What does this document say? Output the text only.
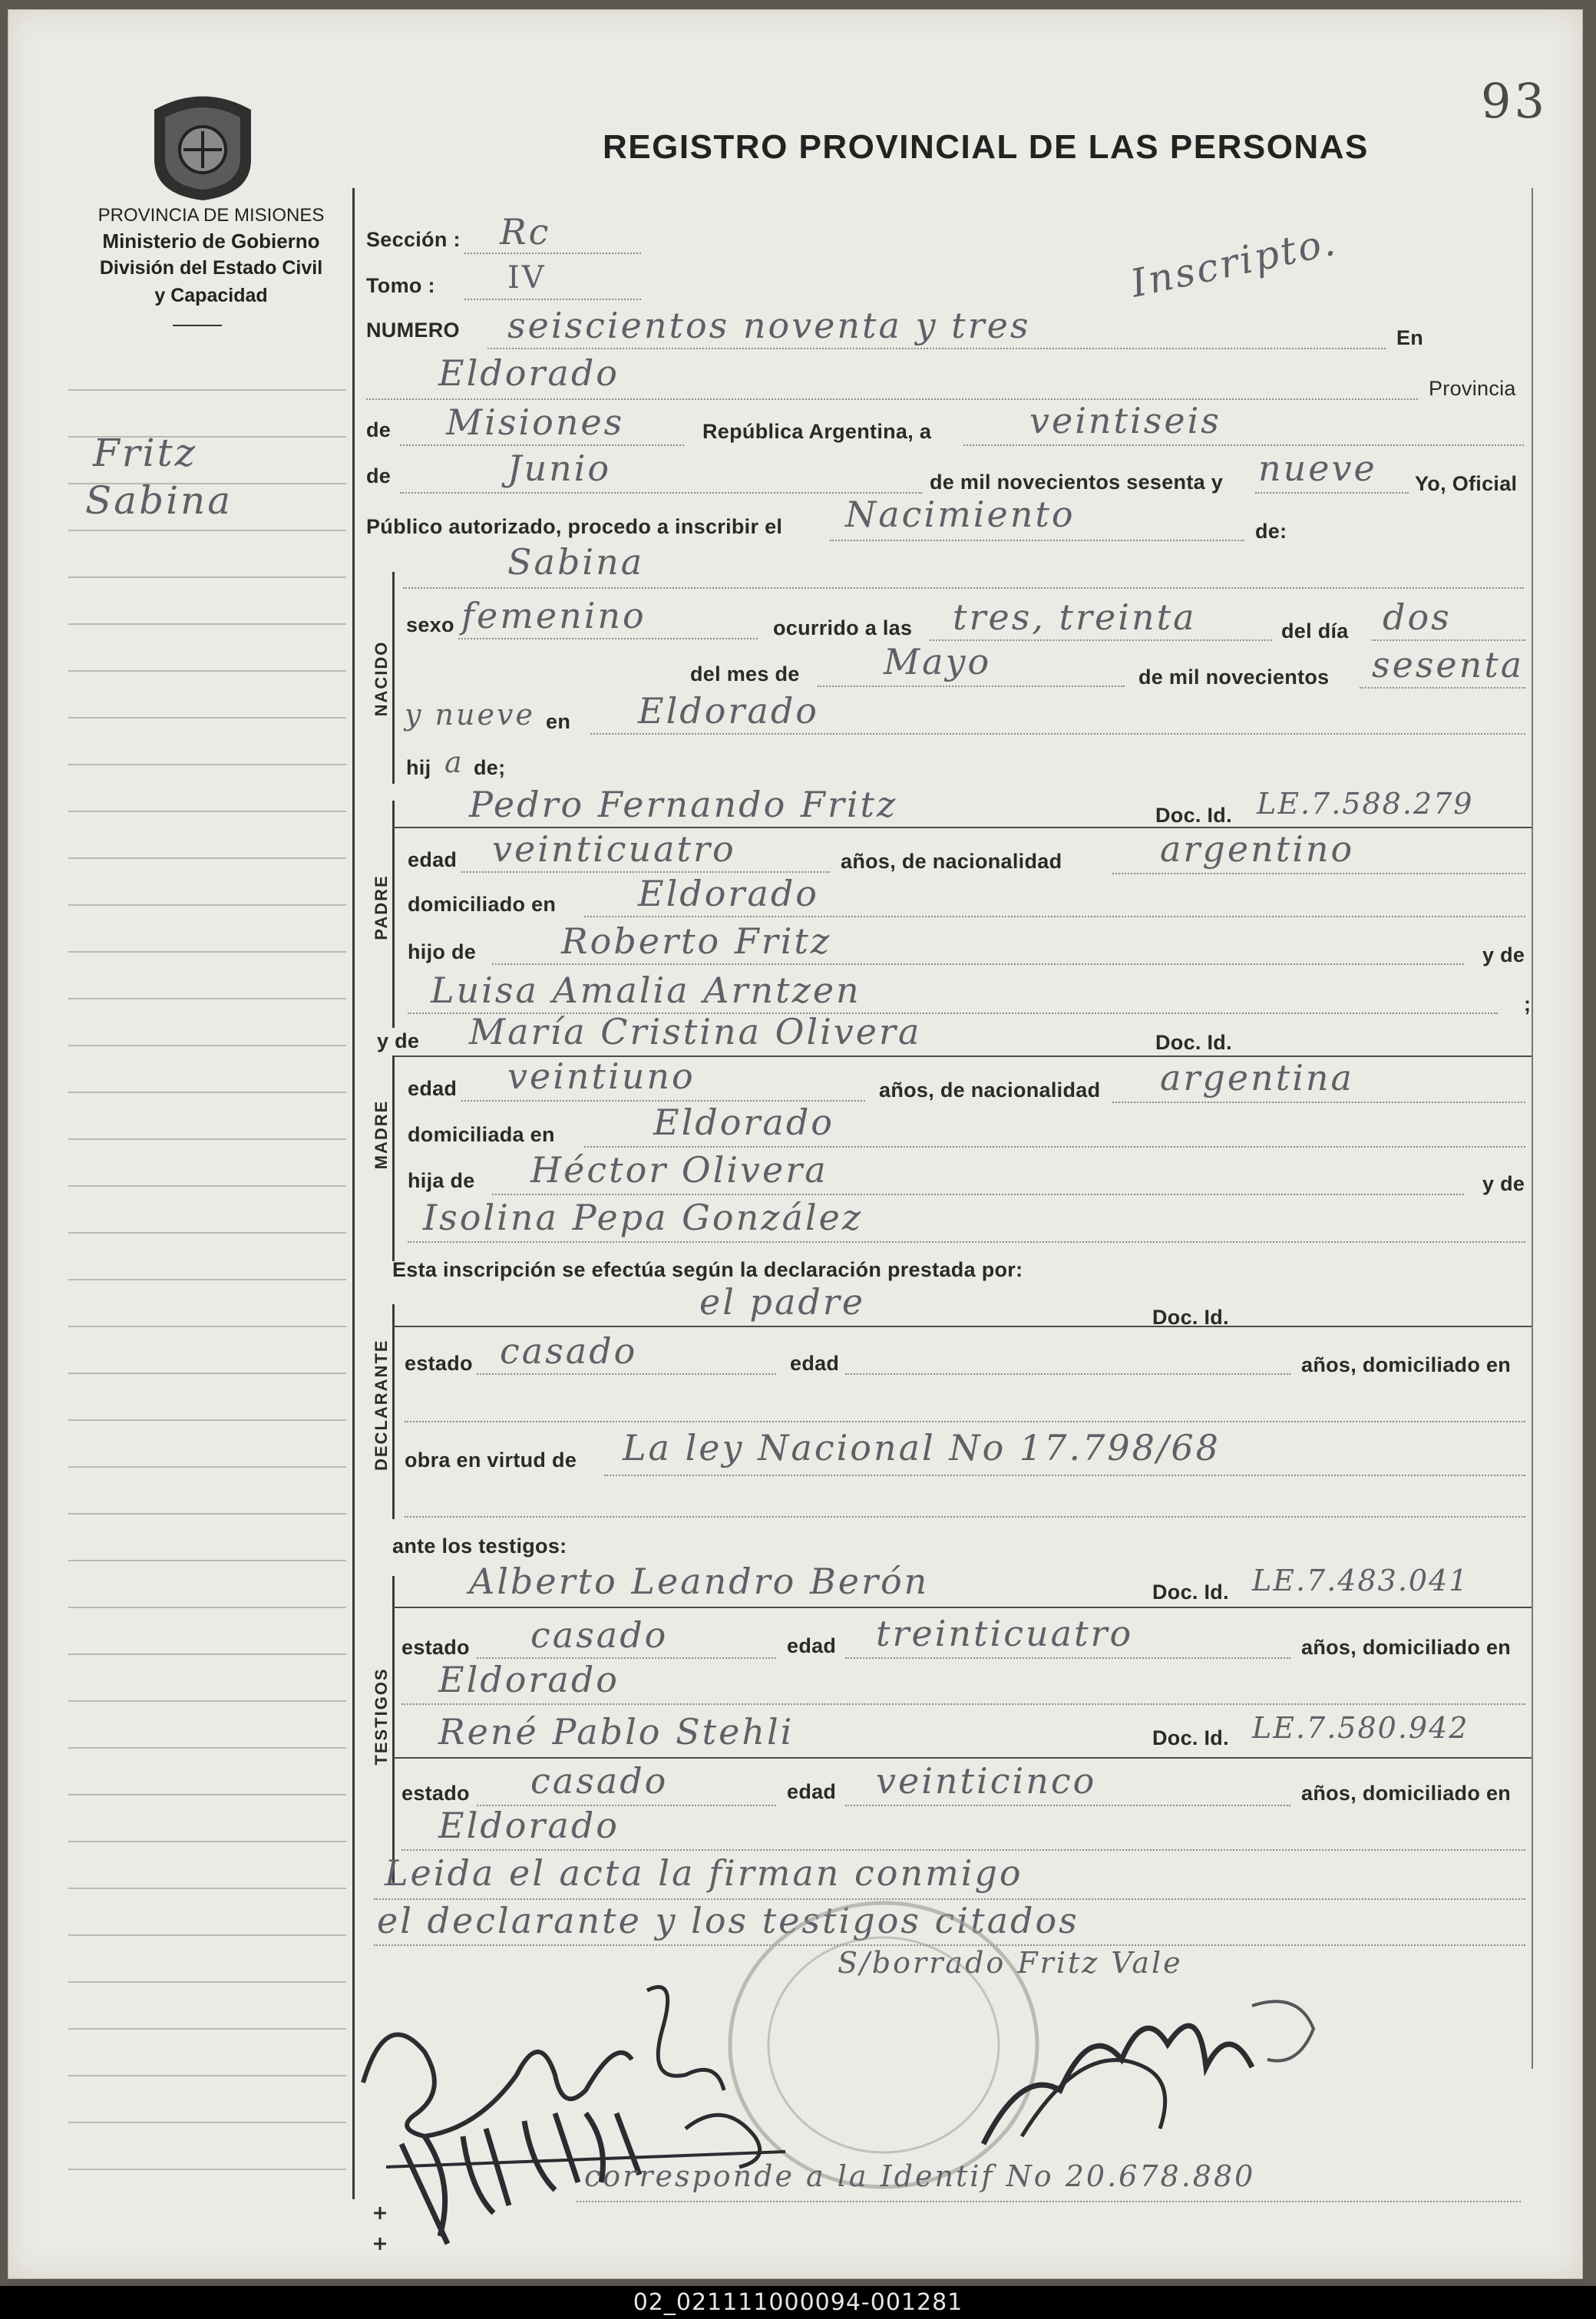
93
REGISTRO PROVINCIAL DE LAS PERSONAS
PROVINCIA DE MISIONES
Ministerio de Gobierno
División del Estado Civil
y Capacidad
Fritz
Sabina
Sección : Rc
Tomo : IV	Inscripto.
NUMERO seiscientos noventa y tres	En
Eldorado	Provincia
de Misiones	República Argentina, a	veintiseis
de	Junio	de mil novecientos sesenta y nueve Yo, Oficial
Público autorizado, procedo a inscribir el Nacimiento	de:
Sabina
NACIDO
sexo femenino	ocurrido a las tres, treinta	del día dos
del mes de Mayo	de mil novecientos sesenta
y nueve en Eldorado
hij a de;
PADRE
Pedro Fernando Fritz	Doc. Id. LE.7.588.279
edad veinticuatro	años, de nacionalidad	argentino
domiciliado en Eldorado
hijo de Roberto Fritz	y de
Luisa Amalia Arntzen	;
y de María Cristina Olivera	Doc. Id.
MADRE
edad veintiuno	años, de nacionalidad argentina
domiciliada en	Eldorado
hija de Héctor Olivera	y de
Isolina Pepa González
Esta inscripción se efectúa según la declaración prestada por:
DECLARANTE
el padre	Doc. Id.
estado casado	edad	años, domiciliado en
obra en virtud de La ley Nacional No 17.798/68
ante los testigos:
TESTIGOS
Alberto Leandro Berón	Doc. Id. LE.7.483.041
estado casado	edad treinticuatro	años, domiciliado en
Eldorado
René Pablo Stehli	Doc. Id. LE.7.580.942
estado casado	edad veinticinco	años, domiciliado en
Eldorado
Leida el acta la firman conmigo
el declarante y los testigos citados
S/borrado Fritz Vale
corresponde a la Identif No 20.678.880
02_021111000094-001281
